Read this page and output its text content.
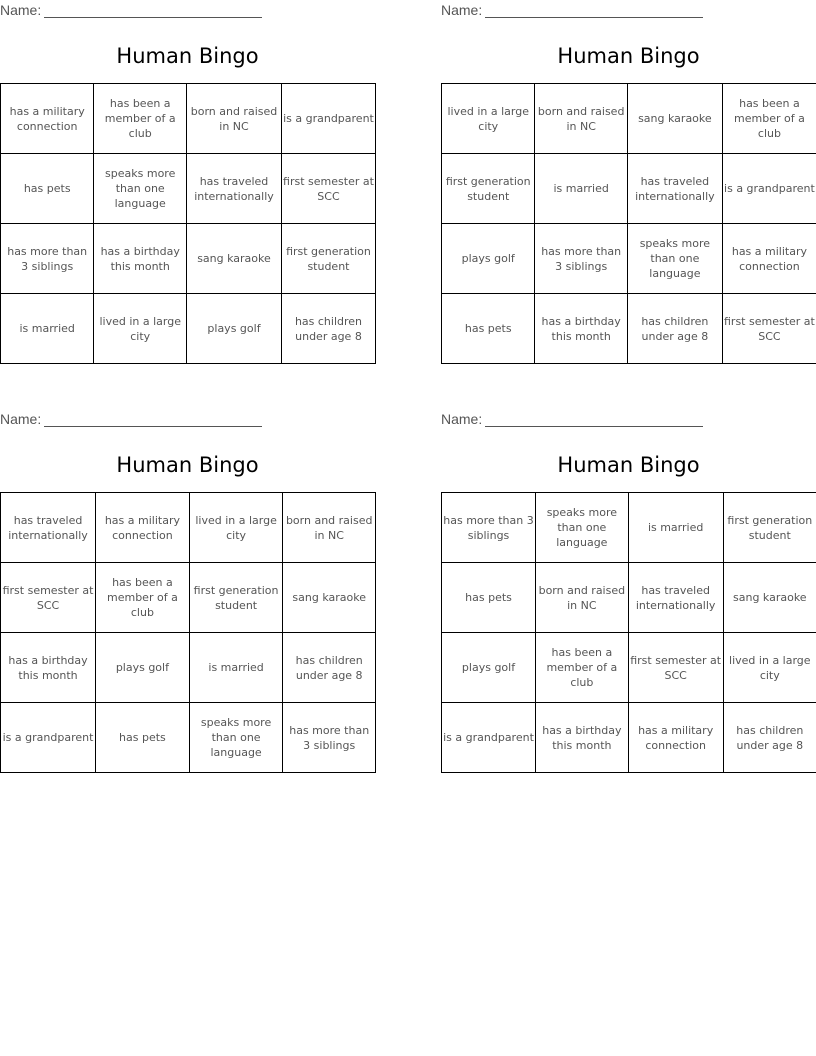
Name:
Human Bingo
has a military connection	has been a member of a club	born and raised in NC	is a grandparent
has pets	speaks more than one language	has traveled internationally	first semester at SCC
has more than 3 siblings	has a birthday this month	sang karaoke	first generation student
is married	lived in a large city	plays golf	has children under age 8
Name:
Human Bingo
lived in a large city	born and raised in NC	sang karaoke	has been a member of a club
first generation student	is married	has traveled internationally	is a grandparent
plays golf	has more than 3 siblings	speaks more than one language	has a military connection
has pets	has a birthday this month	has children under age 8	first semester at SCC
Name:
Human Bingo
has traveled internationally	has a military connection	lived in a large city	born and raised in NC
first semester at SCC	has been a member of a club	first generation student	sang karaoke
has a birthday this month	plays golf	is married	has children under age 8
is a grandparent	has pets	speaks more than one language	has more than 3 siblings
Name:
Human Bingo
has more than 3 siblings	speaks more than one language	is married	first generation student
has pets	born and raised in NC	has traveled internationally	sang karaoke
plays golf	has been a member of a club	first semester at SCC	lived in a large city
is a grandparent	has a birthday this month	has a military connection	has children under age 8
